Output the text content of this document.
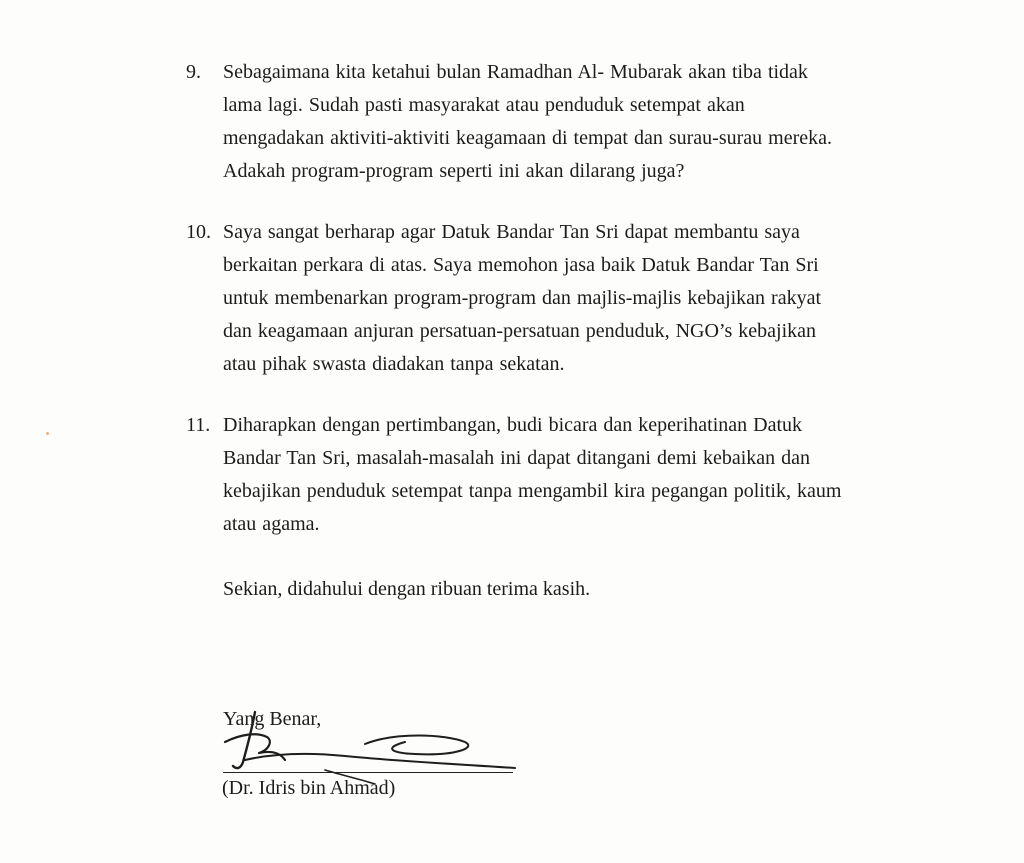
9. Sebagaimana kita ketahui bulan Ramadhan Al- Mubarak akan tiba tidak
lama lagi. Sudah pasti masyarakat atau penduduk setempat akan
mengadakan aktiviti-aktiviti keagamaan di tempat dan surau-surau mereka.
Adakah program-program seperti ini akan dilarang juga?
10. Saya sangat berharap agar Datuk Bandar Tan Sri dapat membantu saya
berkaitan perkara di atas. Saya memohon jasa baik Datuk Bandar Tan Sri
untuk membenarkan program-program dan majlis-majlis kebajikan rakyat
dan keagamaan anjuran persatuan-persatuan penduduk, NGO’s kebajikan
atau pihak swasta diadakan tanpa sekatan.
11. Diharapkan dengan pertimbangan, budi bicara dan keperihatinan Datuk
Bandar Tan Sri, masalah-masalah ini dapat ditangani demi kebaikan dan
kebajikan penduduk setempat tanpa mengambil kira pegangan politik, kaum
atau agama.
Sekian, didahului dengan ribuan terima kasih.
Yang Benar,
(Dr. Idris bin Ahmad)
